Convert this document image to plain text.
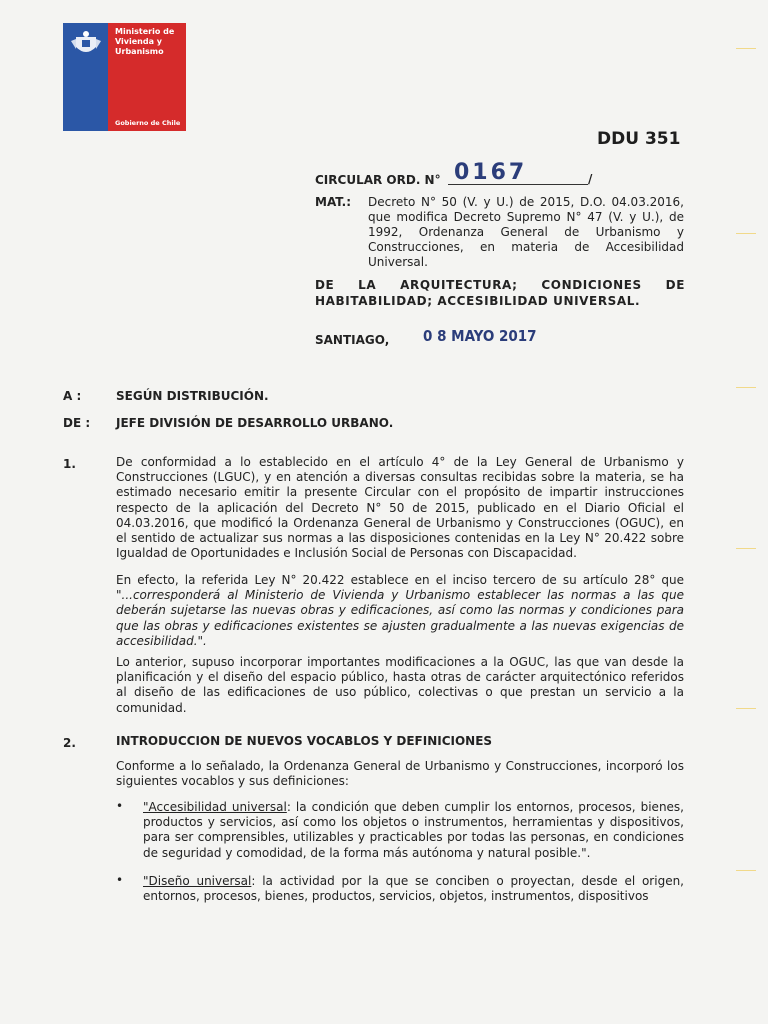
Ministerio de Vivienda y Urbanismo
Gobierno de Chile
DDU 351
CIRCULAR ORD. N° 0167	/
MAT.: Decreto N° 50 (V. y U.) de 2015, D.O. 04.03.2016, que modifica Decreto Supremo N° 47 (V. y U.), de 1992, Ordenanza General de Urbanismo y Construcciones, en materia de Accesibilidad Universal.
DE LA ARQUITECTURA; CONDICIONES DE HABITABILIDAD; ACCESIBILIDAD UNIVERSAL.
SANTIAGO, 0 8 MAYO 2017
A :	SEGÚN DISTRIBUCIÓN.
DE : JEFE DIVISIÓN DE DESARROLLO URBANO.
1.	De conformidad a lo establecido en el artículo 4° de la Ley General de Urbanismo y Construcciones (LGUC), y en atención a diversas consultas recibidas sobre la materia, se ha estimado necesario emitir la presente Circular con el propósito de impartir instrucciones respecto de la aplicación del Decreto N° 50 de 2015, publicado en el Diario Oficial el 04.03.2016, que modificó la Ordenanza General de Urbanismo y Construcciones (OGUC), en el sentido de actualizar sus normas a las disposiciones contenidas en la Ley N° 20.422 sobre Igualdad de Oportunidades e Inclusión Social de Personas con Discapacidad.
En efecto, la referida Ley N° 20.422 establece en el inciso tercero de su artículo 28° que "...corresponderá al Ministerio de Vivienda y Urbanismo establecer las normas a las que deberán sujetarse las nuevas obras y edificaciones, así como las normas y condiciones para que las obras y edificaciones existentes se ajusten gradualmente a las nuevas exigencias de accesibilidad.".
Lo anterior, supuso incorporar importantes modificaciones a la OGUC, las que van desde la planificación y el diseño del espacio público, hasta otras de carácter arquitectónico referidos al diseño de las edificaciones de uso público, colectivas o que prestan un servicio a la comunidad.
2.	INTRODUCCION DE NUEVOS VOCABLOS Y DEFINICIONES
Conforme a lo señalado, la Ordenanza General de Urbanismo y Construcciones, incorporó los siguientes vocablos y sus definiciones:
• "Accesibilidad universal: la condición que deben cumplir los entornos, procesos, bienes, productos y servicios, así como los objetos o instrumentos, herramientas y dispositivos, para ser comprensibles, utilizables y practicables por todas las personas, en condiciones de seguridad y comodidad, de la forma más autónoma y natural posible.".
• "Diseño universal: la actividad por la que se conciben o proyectan, desde el origen, entornos, procesos, bienes, productos, servicios, objetos, instrumentos, dispositivos
